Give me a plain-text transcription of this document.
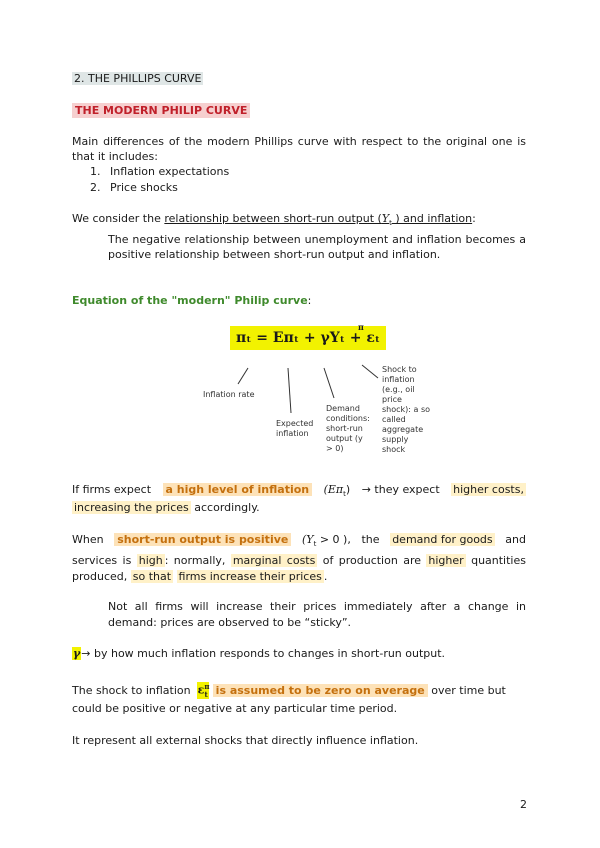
2. THE PHILLIPS CURVE
THE MODERN PHILIP CURVE
Main differences of the modern Phillips curve with respect to the original one is
that it includes:
1. Inflation expectations
2. Price shocks
We consider the relationship between short-run output ($Y_t$ ) and inflation:
The negative relationship between unemployment and inflation becomes a
positive relationship between short-run output and inflation.
Equation of the "modern" Philip curve:
πₜ = Eπₜ + γYₜ + εₜ
π
Inflation rate
Expected inflation
Demand conditions: short-run output (y > 0)
Shock to inflation (e.g., oil price shock): a so called aggregate supply shock
If firms expect a high level of inflation $(E\pi_t)$ → they expect higher costs,
increasing the prices accordingly.
When short-run output is positive ($Y_t > 0$ ), the demand for goods and
services is high : normally, marginal costs of production are higher quantities
produced, so that firms increase their prices .
Not all firms will increase their prices immediately after a change in
demand: prices are observed to be “sticky”.
γ→ by how much inflation responds to changes in short-run output.
The shock to inflation $\varepsilon^\pi_t$ is assumed to be zero on average over time but
could be positive or negative at any particular time period.
It represent all external shocks that directly influence inflation.
2
